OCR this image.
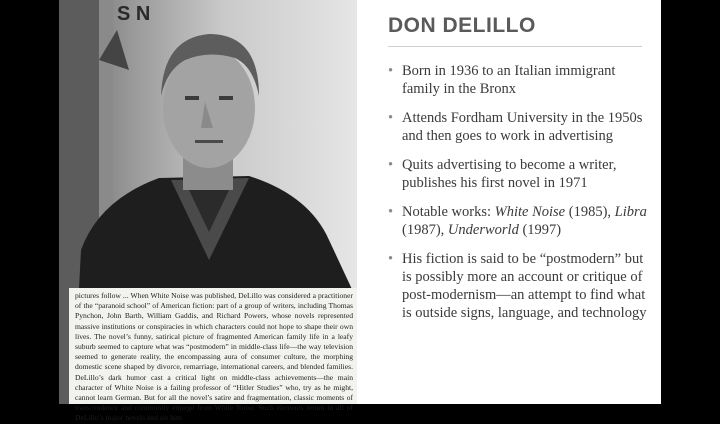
S N

pictures follow ... When White Noise was published, DeLillo was considered a practitioner of the “paranoid school” of American fiction: part of a group of writers, including Thomas Pynchon, John Barth, William Gaddis, and Richard Powers, whose novels represented massive institutions or conspiracies in which characters could not hope to shape their own lives. The novel’s funny, satirical picture of fragmented American family life in a leafy suburb seemed to capture what was “postmodern” in middle-class life—the way television seemed to generate reality, the encompassing aura of consumer culture, the morphing domestic scene shaped by divorce, remarriage, international careers, and blended families. DeLillo’s dark humor cast a critical light on middle-class achievements—the main character of White Noise is a failing professor of “Hitler Studies” who, try as he might, cannot learn German. But for all the novel’s satire and fragmentation, classic moments of transcendence and community emerge from White Noise. Such elements return in all of DeLillo’s major novels and set him

DON DELILLO
• Born in 1936 to an Italian immigrant family in the Bronx
• Attends Fordham University in the 1950s and then goes to work in advertising
• Quits advertising to become a writer, publishes his first novel in 1971
• Notable works: White Noise (1985), Libra (1987), Underworld (1997)
• His fiction is said to be “postmodern” but is possibly more an account or critique of post-modernism—an attempt to find what is outside signs, language, and technology
